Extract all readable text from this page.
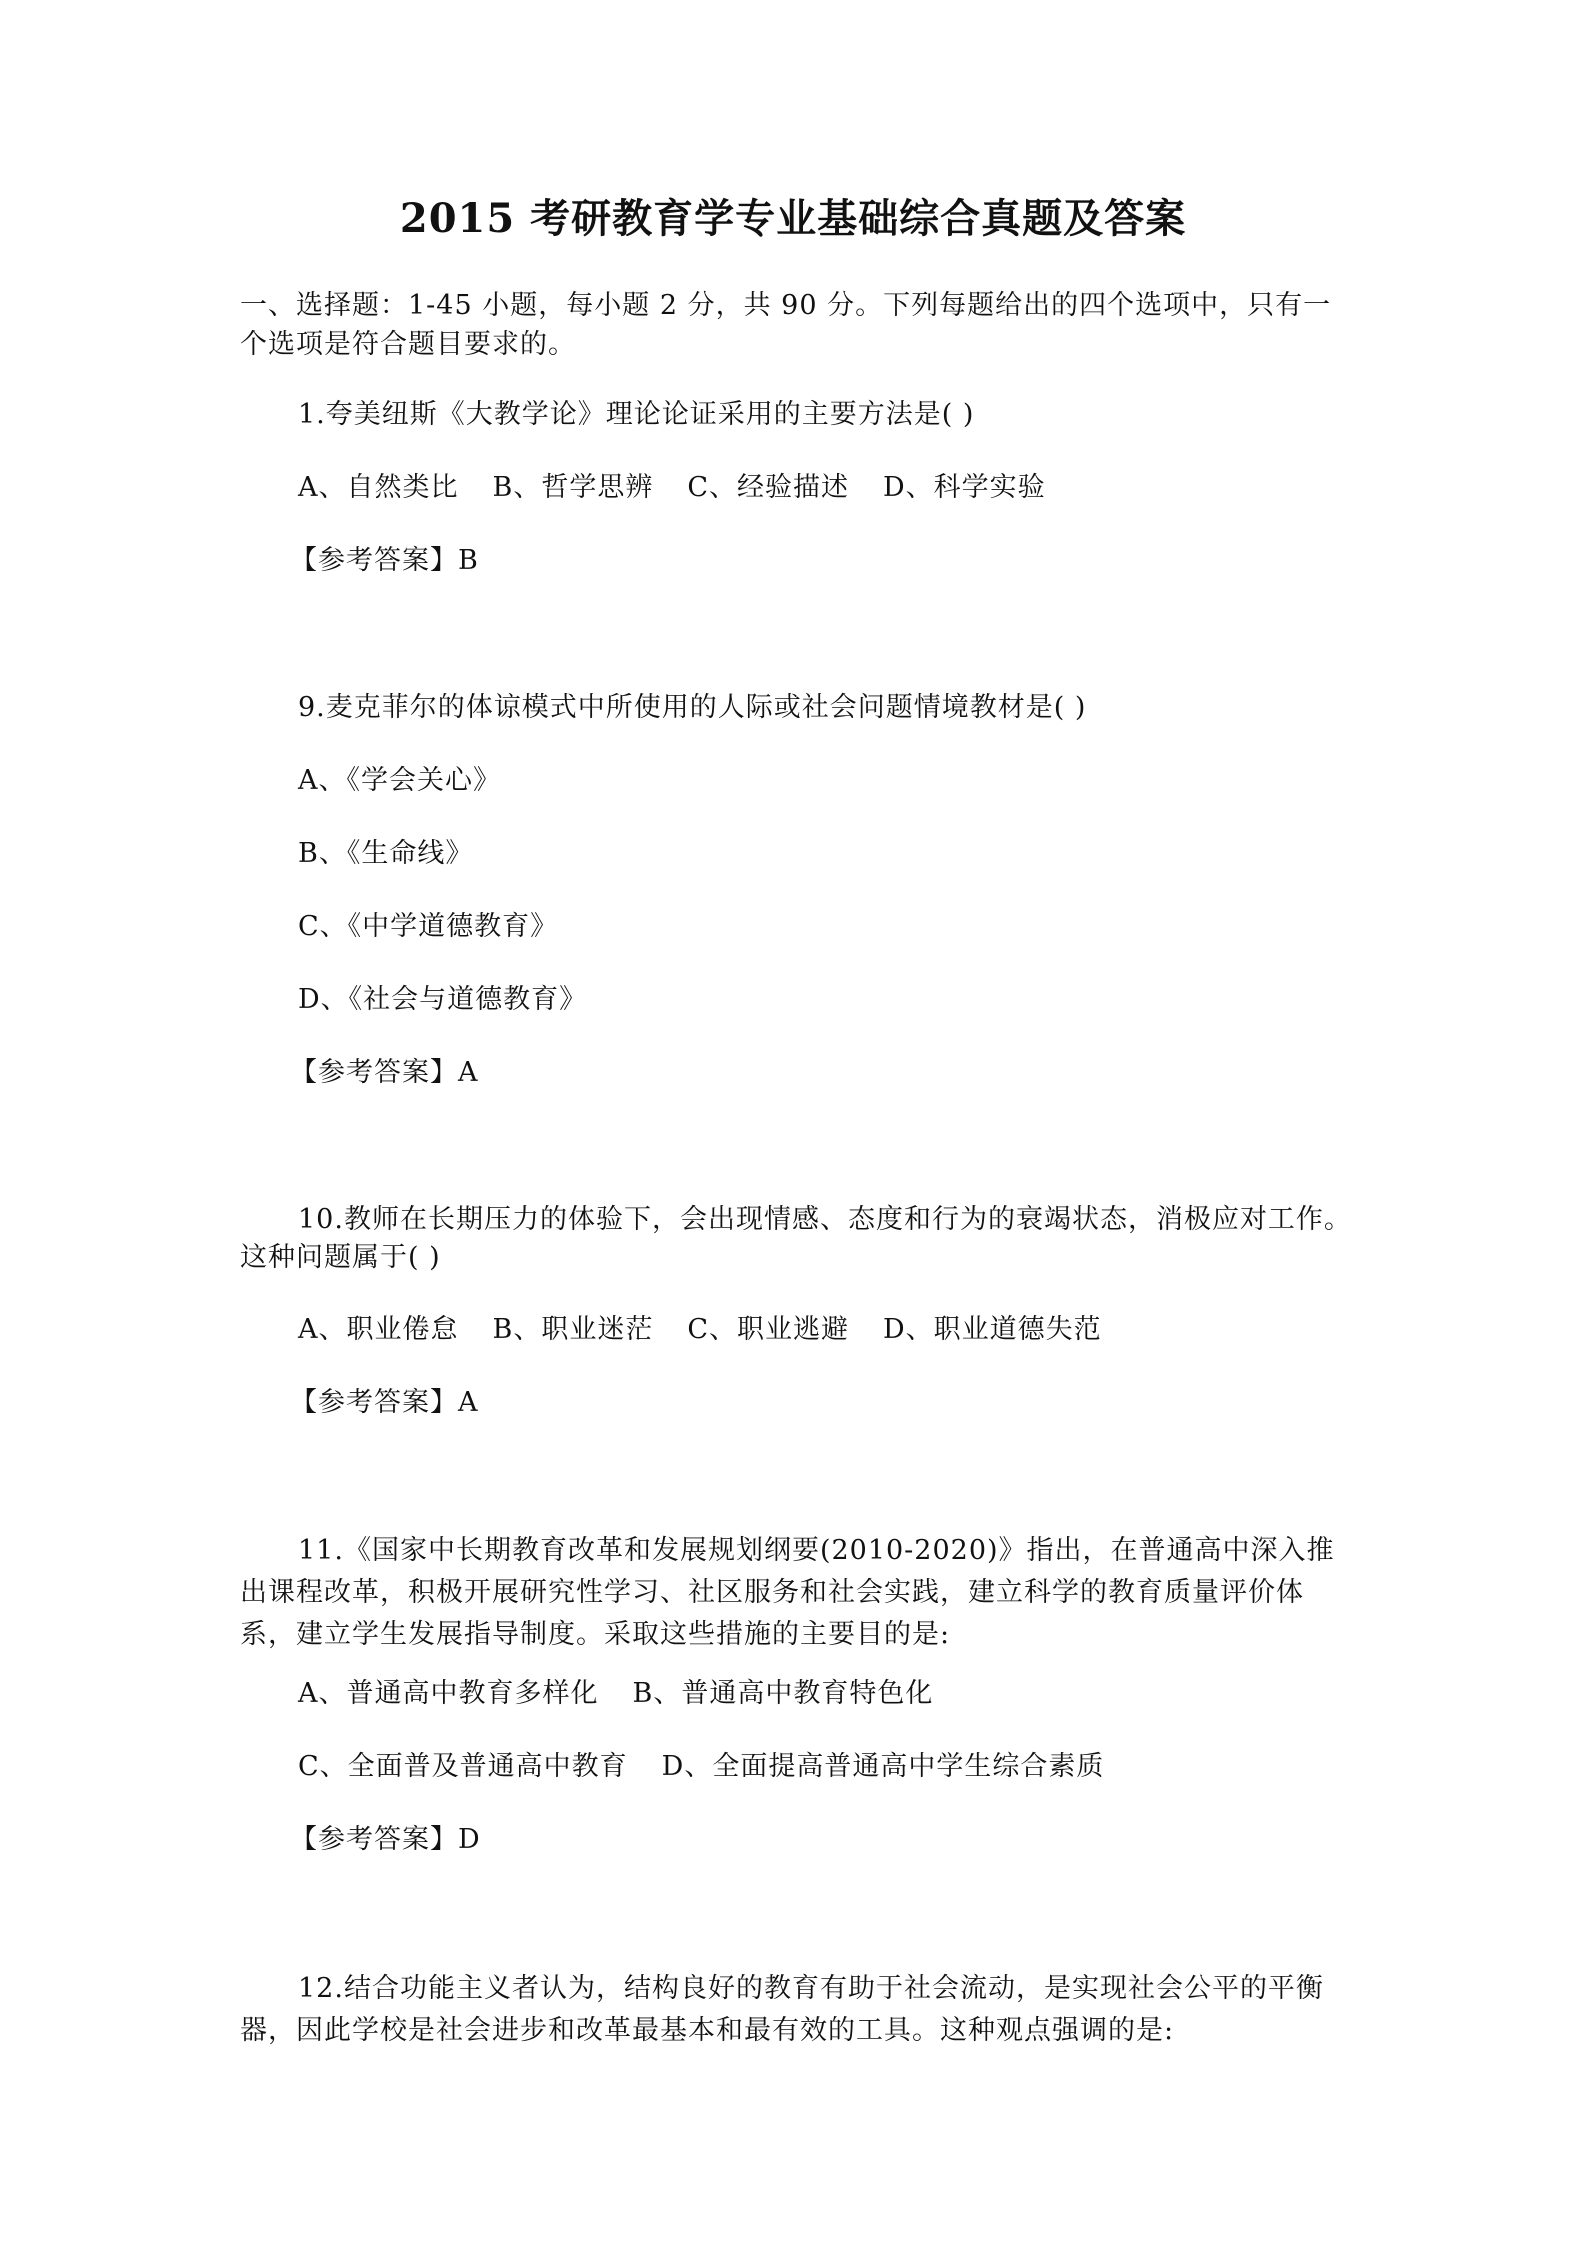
2015 考研教育学专业基础综合真题及答案
一、选择题：1-45 小题，每小题 2 分，共 90 分。下列每题给出的四个选项中，只有一
个选项是符合题目要求的。
1.夸美纽斯《大教学论》理论论证采用的主要方法是( )
A、自然类比 B、哲学思辨 C、经验描述 D、科学实验
【参考答案】B
9.麦克菲尔的体谅模式中所使用的人际或社会问题情境教材是( )
A、《学会关心》
B、《生命线》
C、《中学道德教育》
D、《社会与道德教育》
【参考答案】A
10.教师在长期压力的体验下，会出现情感、态度和行为的衰竭状态，消极应对工作。
这种问题属于( )
A、职业倦怠 B、职业迷茫 C、职业逃避 D、职业道德失范
【参考答案】A
11.《国家中长期教育改革和发展规划纲要(2010-2020)》指出，在普通高中深入推出课程改革，积极开展研究性学习、社区服务和社会实践，建立科学的教育质量评价体系，建立学生发展指导制度。采取这些措施的主要目的是:
A、普通高中教育多样化 B、普通高中教育特色化
C、全面普及普通高中教育 D、全面提高普通高中学生综合素质
【参考答案】D
12.结合功能主义者认为，结构良好的教育有助于社会流动，是实现社会公平的平衡器，因此学校是社会进步和改革最基本和最有效的工具。这种观点强调的是:
